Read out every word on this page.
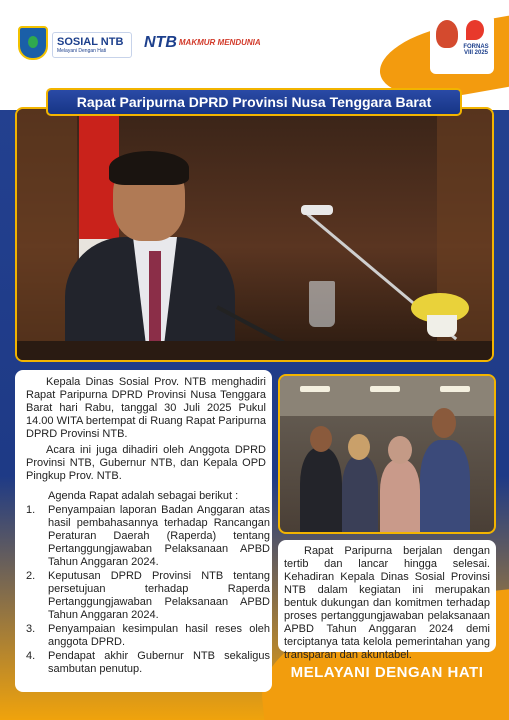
SOSIAL NTB
Melayani Dengan Hati	NTB MAKMUR MENDUNIA
FORNAS VIII 2025
Rapat Paripurna DPRD Provinsi Nusa Tenggara Barat

Kepala Dinas Sosial Prov. NTB menghadiri Rapat Paripurna DPRD Provinsi Nusa Tenggara Barat hari Rabu, tanggal 30 Juli 2025 Pukul 14.00 WITA bertempat di Ruang Rapat Paripurna DPRD Provinsi NTB.

Acara ini juga dihadiri oleh Anggota DPRD Provinsi NTB, Gubernur NTB, dan Kepala OPD Pingkup Prov. NTB.

Agenda Rapat adalah sebagai berikut :

1. Penyampaian laporan Badan Anggaran atas hasil pembahasannya terhadap Rancangan Peraturan Daerah (Raperda) tentang Pertanggungjawaban Pelaksanaan APBD Tahun Anggaran 2024.
2. Keputusan DPRD Provinsi NTB tentang persetujuan terhadap Raperda Pertanggungjawaban Pelaksanaan APBD Tahun Anggaran 2024.
3. Penyampaian kesimpulan hasil reses oleh anggota DPRD.
4. Pendapat akhir Gubernur NTB sekaligus sambutan penutup.

Rapat Paripurna berjalan dengan tertib dan lancar hingga selesai. Kehadiran Kepala Dinas Sosial Provinsi NTB dalam kegiatan ini merupakan bentuk dukungan dan komitmen terhadap proses pertanggungjawaban pelaksanaan APBD Tahun Anggaran 2024 demi terciptanya tata kelola pemerintahan yang transparan dan akuntabel.

MELAYANI DENGAN HATI
